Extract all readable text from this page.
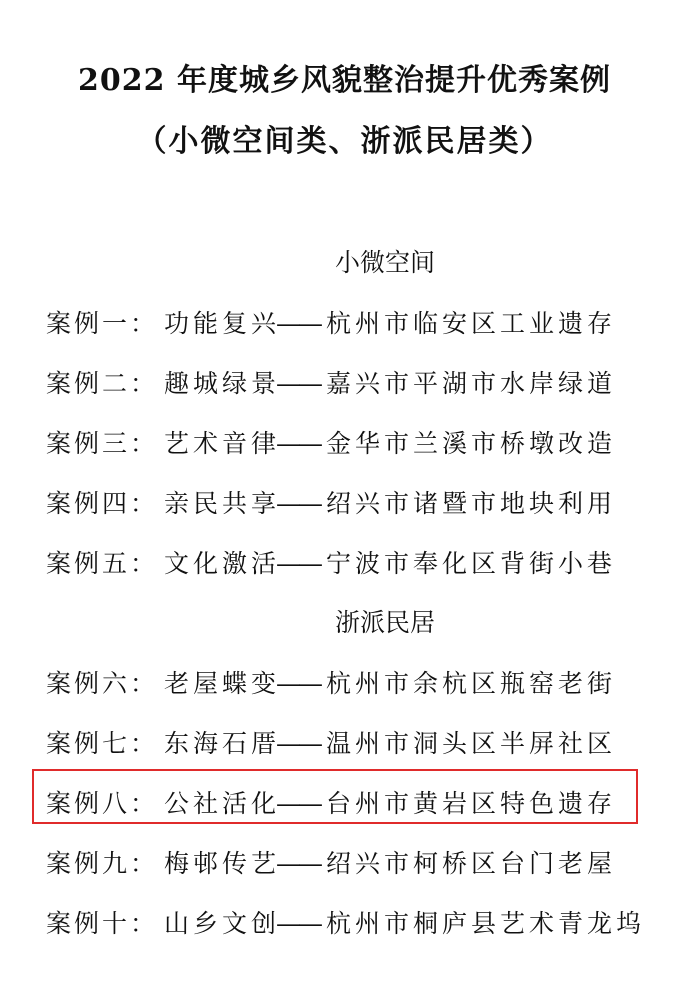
2022 年度城乡风貌整治提升优秀案例
（小微空间类、浙派民居类）
小微空间
案例一： 功能复兴—— 杭州市临安区工业遗存
案例二： 趣城绿景—— 嘉兴市平湖市水岸绿道
案例三： 艺术音律—— 金华市兰溪市桥墩改造
案例四： 亲民共享—— 绍兴市诸暨市地块利用
案例五： 文化激活—— 宁波市奉化区背街小巷
浙派民居
案例六： 老屋蝶变—— 杭州市余杭区瓶窑老街
案例七： 东海石厝—— 温州市洞头区半屏社区
案例八： 公社活化—— 台州市黄岩区特色遗存
案例九： 梅邨传艺—— 绍兴市柯桥区台门老屋
案例十： 山乡文创—— 杭州市桐庐县艺术青龙坞
